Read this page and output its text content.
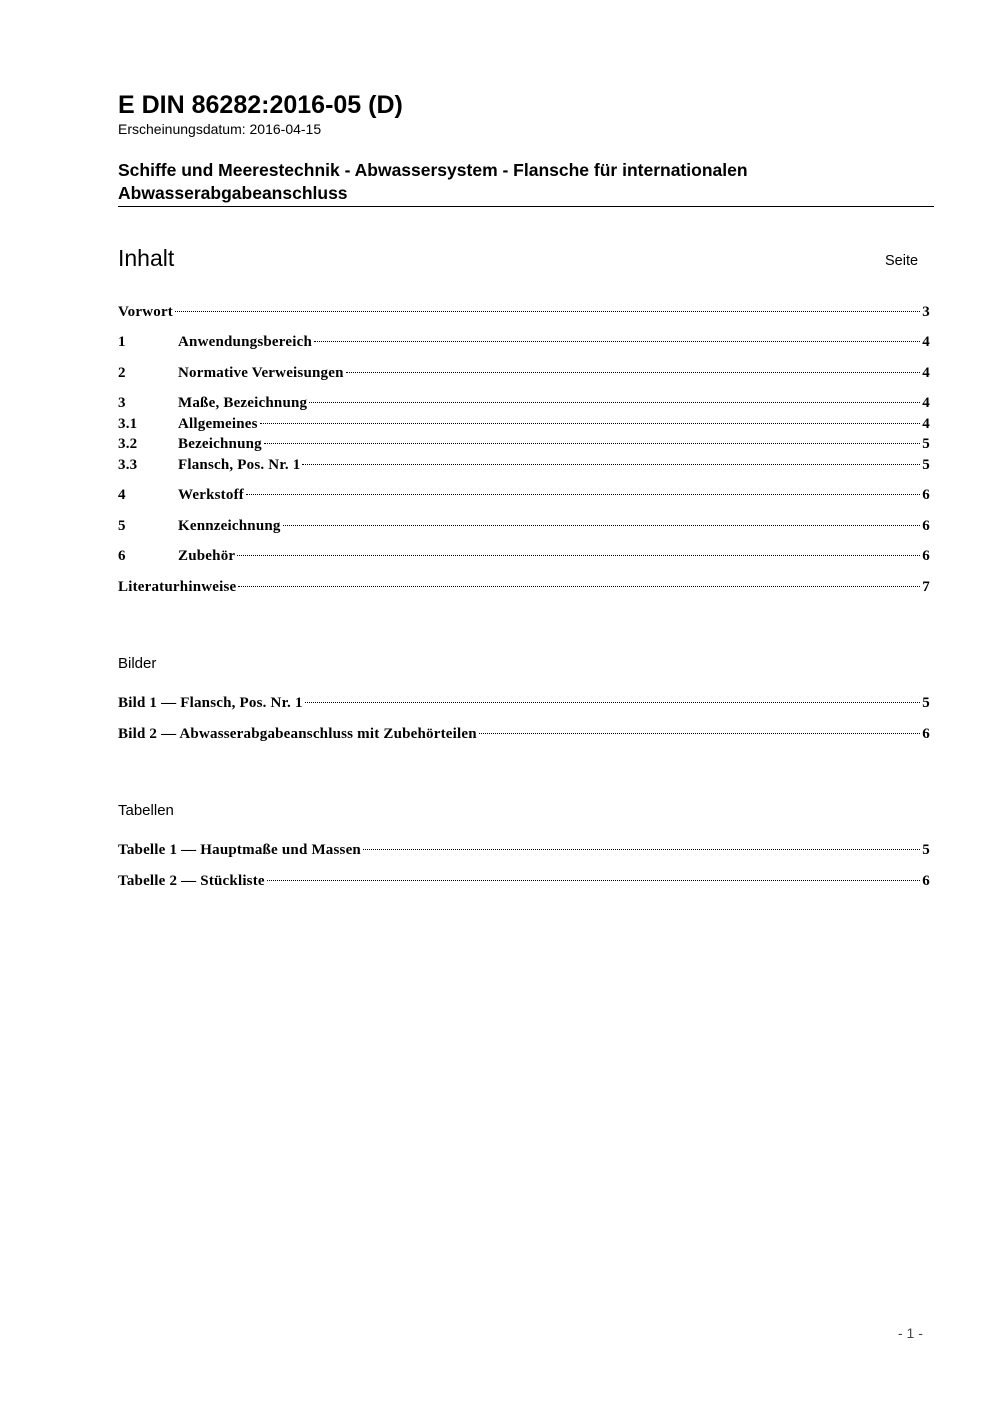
E DIN 86282:2016-05 (D)
Erscheinungsdatum: 2016-04-15
Schiffe und Meerestechnik - Abwassersystem - Flansche für internationalen
Abwasserabgabeanschluss
Inhalt	Seite
Vorwort	3
1	Anwendungsbereich	4
2	Normative Verweisungen	4
3	Maße, Bezeichnung	4
3.1	Allgemeines	4
3.2	Bezeichnung	5
3.3	Flansch, Pos. Nr. 1	5
4	Werkstoff	6
5	Kennzeichnung	6
6	Zubehör	6
Literaturhinweise	7
Bilder
Bild 1 — Flansch, Pos. Nr. 1	5
Bild 2 — Abwasserabgabeanschluss mit Zubehörteilen	6
Tabellen
Tabelle 1 — Hauptmaße und Massen	5
Tabelle 2 — Stückliste	6
- 1 -
